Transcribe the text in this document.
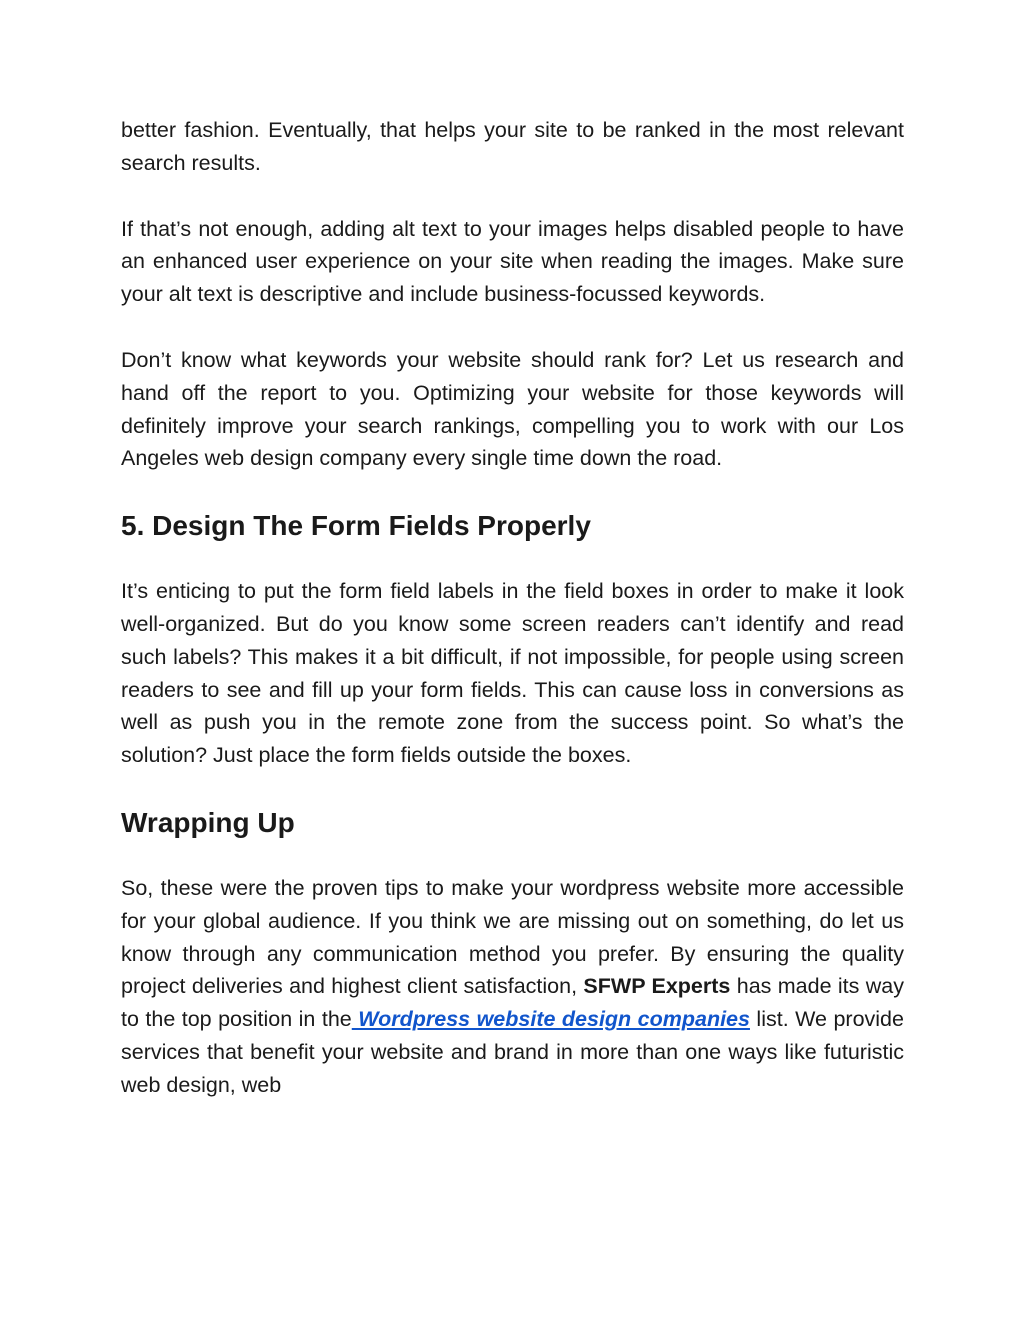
better fashion. Eventually, that helps your site to be ranked in the most relevant search results.

If that’s not enough, adding alt text to your images helps disabled people to have an enhanced user experience on your site when reading the images. Make sure your alt text is descriptive and include business-focussed keywords.

Don’t know what keywords your website should rank for? Let us research and hand off the report to you. Optimizing your website for those keywords will definitely improve your search rankings, compelling you to work with our Los Angeles web design company every single time down the road.

5. Design The Form Fields Properly

It’s enticing to put the form field labels in the field boxes in order to make it look well-organized. But do you know some screen readers can’t identify and read such labels? This makes it a bit difficult, if not impossible, for people using screen readers to see and fill up your form fields. This can cause loss in conversions as well as push you in the remote zone from the success point. So what’s the solution? Just place the form fields outside the boxes.

Wrapping Up

So, these were the proven tips to make your wordpress website more accessible for your global audience. If you think we are missing out on something, do let us know through any communication method you prefer. By ensuring the quality project deliveries and highest client satisfaction, SFWP Experts has made its way to the top position in the Wordpress website design companies list. We provide services that benefit your website and brand in more than one ways like futuristic web design, web
